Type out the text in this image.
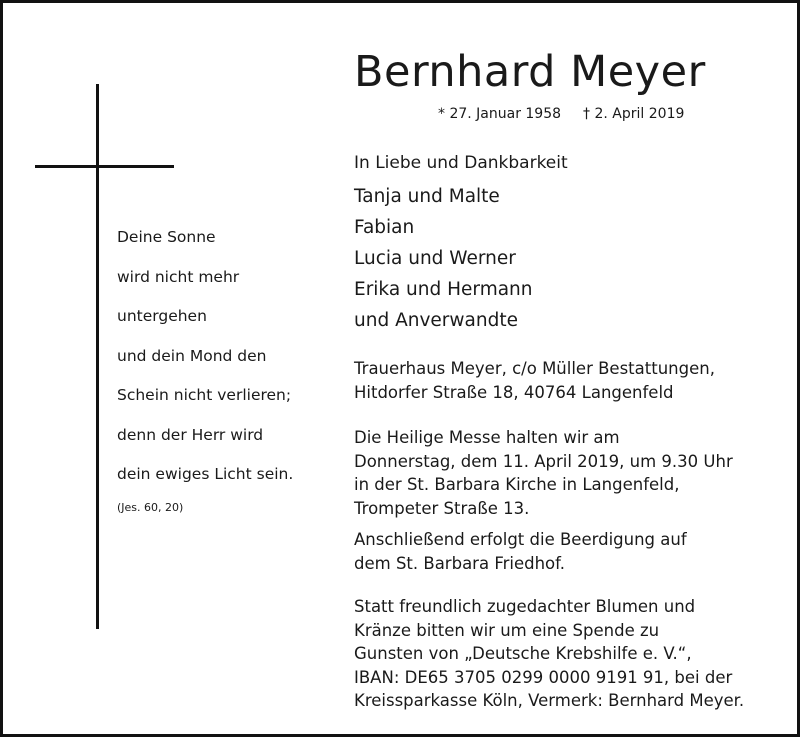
Deine Sonne
wird nicht mehr
untergehen
und dein Mond den
Schein nicht verlieren;
denn der Herr wird
dein ewiges Licht sein.
(Jes. 60, 20)
Bernhard Meyer
* 27. Januar 1958 † 2. April 2019
In Liebe und Dankbarkeit
Tanja und Malte
Fabian
Lucia und Werner
Erika und Hermann
und Anverwandte
Trauerhaus Meyer, c/o Müller Bestattungen,
Hitdorfer Straße 18, 40764 Langenfeld
Die Heilige Messe halten wir am
Donnerstag, dem 11. April 2019, um 9.30 Uhr
in der St. Barbara Kirche in Langenfeld,
Trompeter Straße 13.
Anschließend erfolgt die Beerdigung auf
dem St. Barbara Friedhof.
Statt freundlich zugedachter Blumen und
Kränze bitten wir um eine Spende zu
Gunsten von „Deutsche Krebshilfe e. V.“,
IBAN: DE65 3705 0299 0000 9191 91, bei der
Kreissparkasse Köln, Vermerk: Bernhard Meyer.
